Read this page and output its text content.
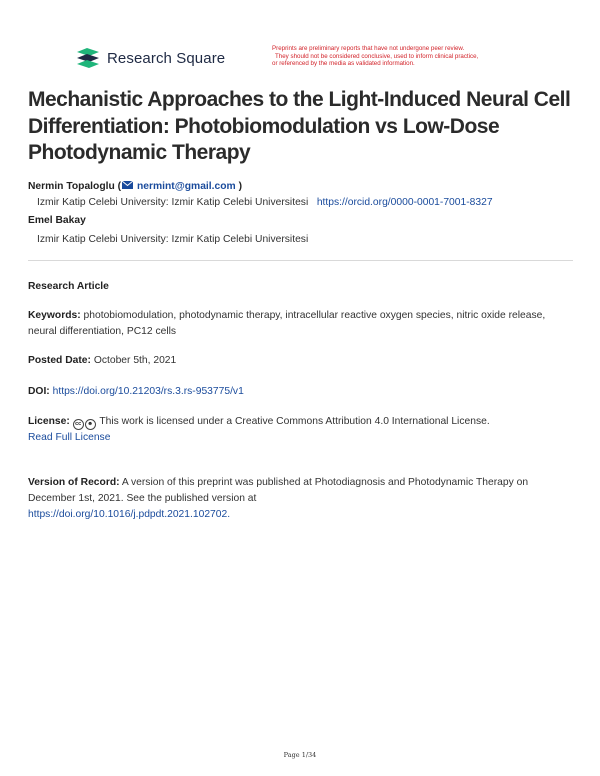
Research Square
Preprints are preliminary reports that have not undergone peer review.
They should not be considered conclusive, used to inform clinical practice,
or referenced by the media as validated information.
Mechanistic Approaches to the Light-Induced Neural Cell Differentiation: Photobiomodulation vs Low-Dose Photodynamic Therapy
Nermin Topaloglu ( nermint@gmail.com )
Izmir Katip Celebi University: Izmir Katip Celebi Universitesi https://orcid.org/0000-0001-7001-8327
Emel Bakay
Izmir Katip Celebi University: Izmir Katip Celebi Universitesi
Research Article
Keywords: photobiomodulation, photodynamic therapy, intracellular reactive oxygen species, nitric oxide release, neural differentiation, PC12 cells
Posted Date: October 5th, 2021
DOI: https://doi.org/10.21203/rs.3.rs-953775/v1
License: cc ☻ This work is licensed under a Creative Commons Attribution 4.0 International License.
Read Full License
Version of Record: A version of this preprint was published at Photodiagnosis and Photodynamic Therapy on December 1st, 2021. See the published version at
https://doi.org/10.1016/j.pdpdt.2021.102702.
Page 1/34
